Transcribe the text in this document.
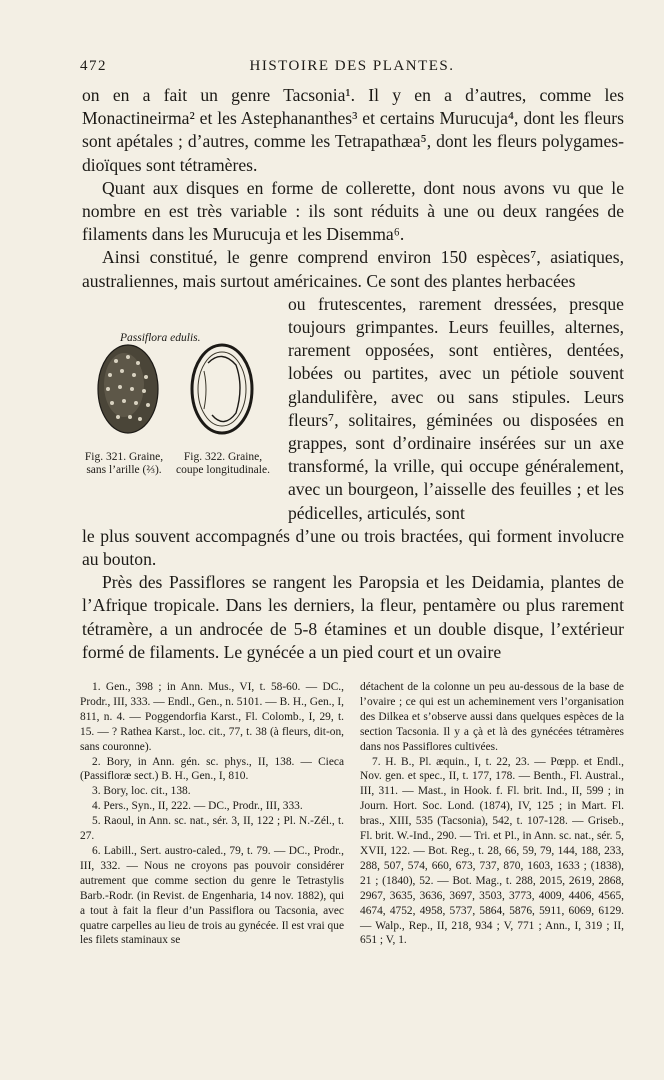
472	HISTOIRE DES PLANTES.

on en a fait un genre Tacsonia¹. Il y en a d’autres, comme les Monactineirma² et les Astephananthes³ et certains Murucuja⁴, dont les fleurs sont apétales ; d’autres, comme les Tetrapathæa⁵, dont les fleurs polygames-dioïques sont tétramères.

Quant aux disques en forme de collerette, dont nous avons vu que le nombre en est très variable : ils sont réduits à une ou deux rangées de filaments dans les Murucuja et les Disemma⁶.

Ainsi constitué, le genre comprend environ 150 espèces⁷, asiatiques, australiennes, mais surtout américaines. Ce sont des plantes herbacées

Passiflora edulis.
Fig. 321. Graine, sans l’arille (⅔).
Fig. 322. Graine, coupe longitudinale.
ou frutescentes, rarement dressées, presque toujours grimpantes. Leurs feuilles, alternes, rarement opposées, sont entières, dentées, lobées ou partites, avec un pétiole souvent glandulifère, avec ou sans stipules. Leurs fleurs⁷, solitaires, géminées ou disposées en grappes, sont d’ordinaire insérées sur un axe transformé, la vrille, qui occupe généralement, avec un bourgeon, l’aisselle des feuilles ; et les pédicelles, articulés, sont

le plus souvent accompagnés d’une ou trois bractées, qui forment involucre au bouton.

Près des Passiflores se rangent les Paropsia et les Deidamia, plantes de l’Afrique tropicale. Dans les derniers, la fleur, pentamère ou plus rarement tétramère, a un androcée de 5-8 étamines et un double disque, l’extérieur formé de filaments. Le gynécée a un pied court et un ovaire

1. Gen., 398 ; in Ann. Mus., VI, t. 58-60. — DC., Prodr., III, 333. — Endl., Gen., n. 5101. — B. H., Gen., I, 811, n. 4. — Poggendorfia Karst., Fl. Colomb., I, 29, t. 15. — ? Rathea Karst., loc. cit., 77, t. 38 (à fleurs, dit-on, sans couronne).

2. Bory, in Ann. gén. sc. phys., II, 138. — Cieca (Passifloræ sect.) B. H., Gen., I, 810.

3. Bory, loc. cit., 138.

4. Pers., Syn., II, 222. — DC., Prodr., III, 333.

5. Raoul, in Ann. sc. nat., sér. 3, II, 122 ; Pl. N.-Zél., t. 27.

6. Labill., Sert. austro-caled., 79, t. 79. — DC., Prodr., III, 332. — Nous ne croyons pas pouvoir considérer autrement que comme section du genre le Tetrastylis Barb.-Rodr. (in Revist. de Engenharia, 14 nov. 1882), qui a tout à fait la fleur d’un Passiflora ou Tacsonia, avec quatre carpelles au lieu de trois au gynécée. Il est vrai que les filets staminaux se

détachent de la colonne un peu au-dessous de la base de l’ovaire ; ce qui est un acheminement vers l’organisation des Dilkea et s’observe aussi dans quelques espèces de la section Tacsonia. Il y a çà et là des gynécées tétramères dans nos Passiflores cultivées.

7. H. B., Pl. æquin., I, t. 22, 23. — Pœpp. et Endl., Nov. gen. et spec., II, t. 177, 178. — Benth., Fl. Austral., III, 311. — Mast., in Hook. f. Fl. brit. Ind., II, 599 ; in Journ. Hort. Soc. Lond. (1874), IV, 125 ; in Mart. Fl. bras., XIII, 535 (Tacsonia), 542, t. 107-128. — Griseb., Fl. brit. W.-Ind., 290. — Tri. et Pl., in Ann. sc. nat., sér. 5, XVII, 122. — Bot. Reg., t. 28, 66, 59, 79, 144, 188, 233, 288, 507, 574, 660, 673, 737, 870, 1603, 1633 ; (1838), 21 ; (1840), 52. — Bot. Mag., t. 288, 2015, 2619, 2868, 2967, 3635, 3636, 3697, 3503, 3773, 4009, 4406, 4565, 4674, 4752, 4958, 5737, 5864, 5876, 5911, 6069, 6129. — Walp., Rep., II, 218, 934 ; V, 771 ; Ann., I, 319 ; II, 651 ; V, 1.
